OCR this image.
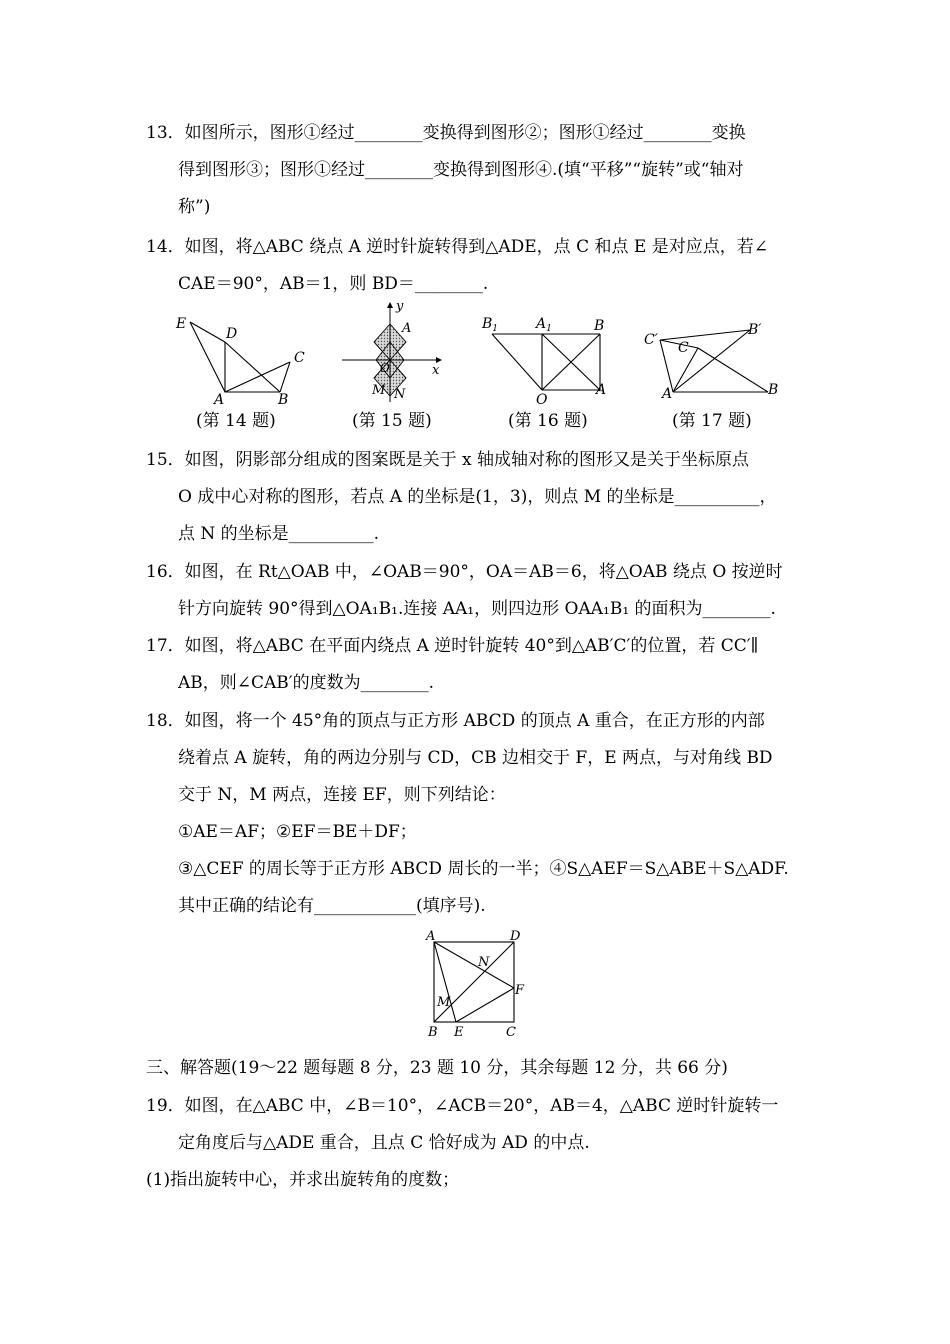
13．如图所示，图形①经过________变换得到图形②；图形①经过________变换
得到图形③；图形①经过________变换得到图形④.(填“平移”“旋转”或“轴对
称”)
14．如图，将△ABC 绕点 A 逆时针旋转得到△ADE，点 C 和点 E 是对应点，若∠
CAE＝90°，AB＝1，则 BD＝________.
E
D
C
A	B
(第 14 题)
y
x
A
O
M N
(第 15 题)
$B_1$	$A_1$	B
O
A
(第 16 题)
C′ C
B′
A	B
(第 17 题)
15．如图，阴影部分组成的图案既是关于 x 轴成轴对称的图形又是关于坐标原点
O 成中心对称的图形，若点 A 的坐标是(1，3)，则点 M 的坐标是__________，
点 N 的坐标是__________.
16．如图，在 Rt△OAB 中，∠OAB＝90°，OA＝AB＝6，将△OAB 绕点 O 按逆时
针方向旋转 90°得到△OA₁B₁.连接 AA₁，则四边形 OAA₁B₁ 的面积为________.
17．如图，将△ABC 在平面内绕点 A 逆时针旋转 40°到△AB′C′的位置，若 CC′∥
AB，则∠CAB′的度数为________.
18．如图，将一个 45°角的顶点与正方形 ABCD 的顶点 A 重合，在正方形的内部
绕着点 A 旋转，角的两边分别与 CD，CB 边相交于 F，E 两点，与对角线 BD
交于 N，M 两点，连接 EF，则下列结论：
①AE＝AF；②EF＝BE＋DF；
③△CEF 的周长等于正方形 ABCD 周长的一半；④S△AEF＝S△ABE＋S△ADF.
其中正确的结论有____________(填序号).
A	D
N
F
M
B E	C
三、解答题(19～22 题每题 8 分，23 题 10 分，其余每题 12 分，共 66 分)
19．如图，在△ABC 中，∠B＝10°，∠ACB＝20°，AB＝4，△ABC 逆时针旋转一
定角度后与△ADE 重合，且点 C 恰好成为 AD 的中点.
(1)指出旋转中心，并求出旋转角的度数；
